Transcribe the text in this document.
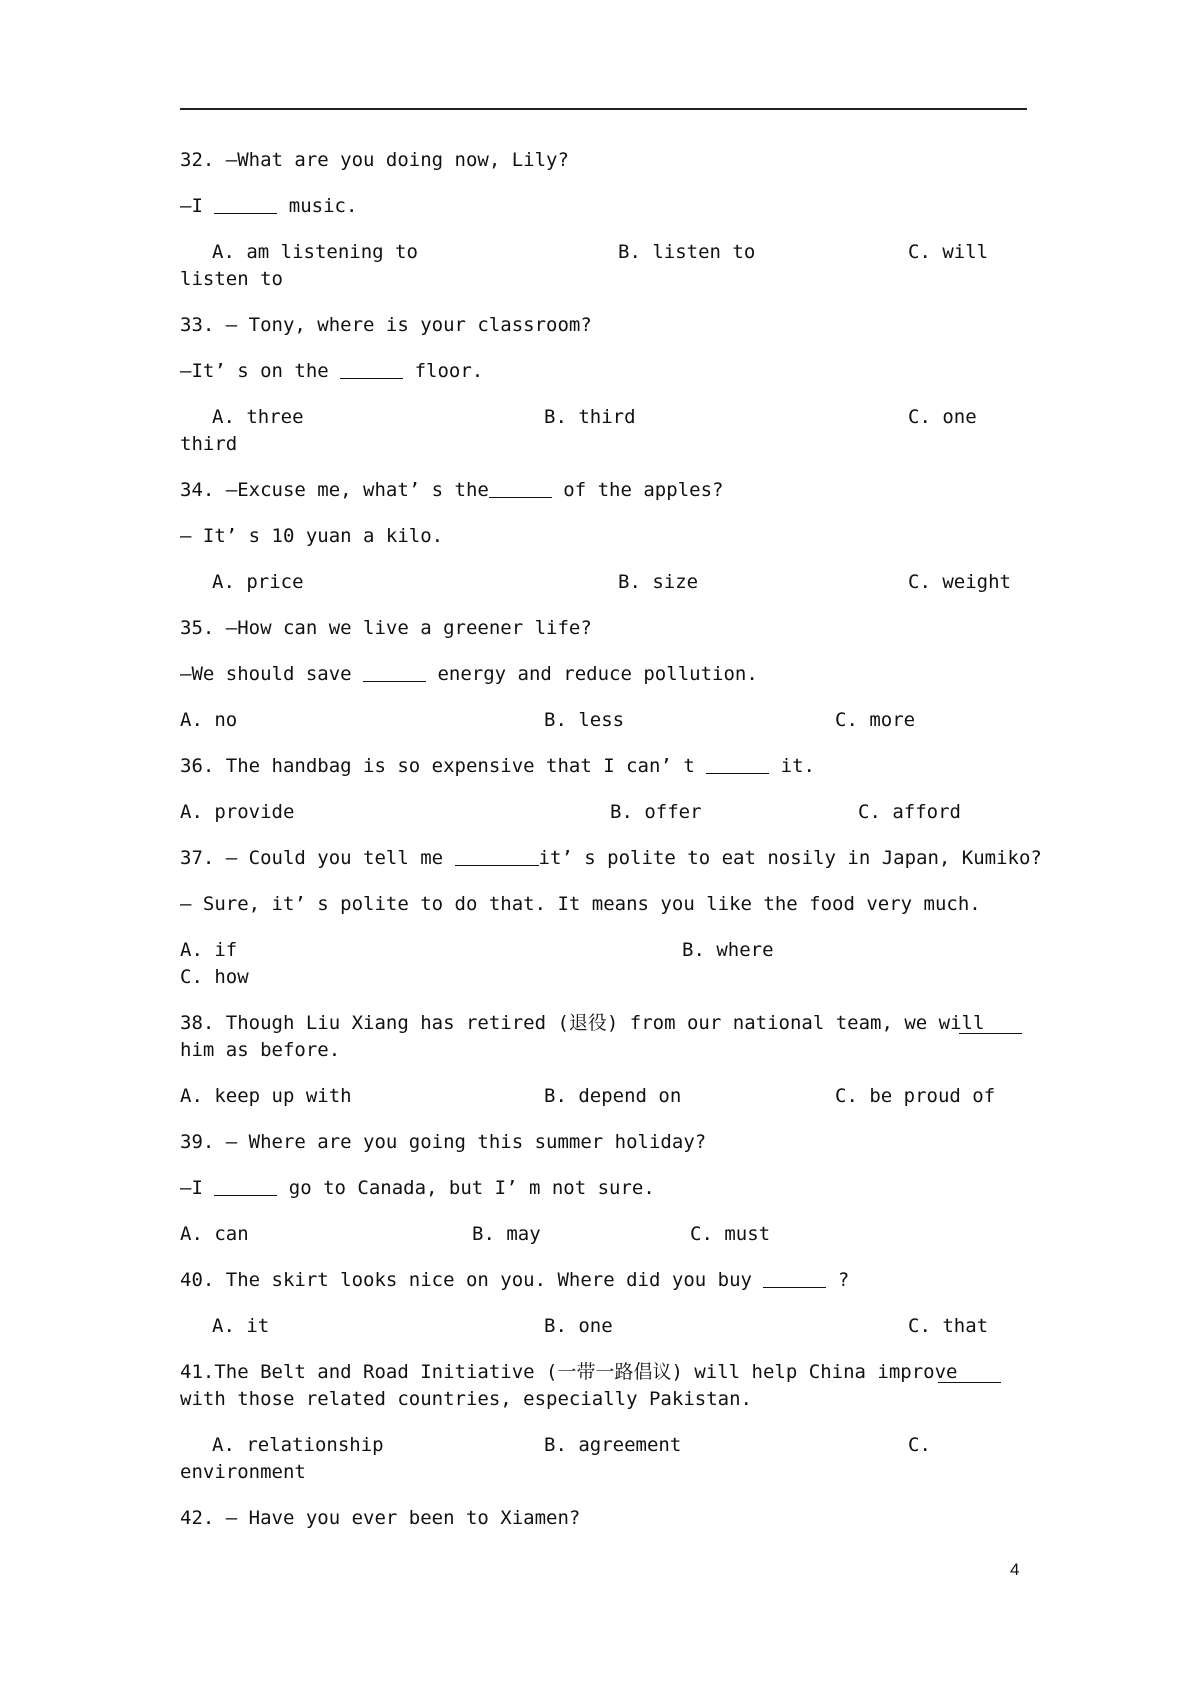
32. —What are you doing now, Lily?
—I	music.
A. am listening to	B. listen to	C. will
listen to
33. — Tony, where is your classroom?
—It’ s on the	floor.
A. three	B. third	C. one
third
34. —Excuse me, what’ s the	of the apples?
— It’ s 10 yuan a kilo.
A. price	B. size	C. weight
35. —How can we live a greener life?
—We should save	energy and reduce pollution.
A. no	B. less	C. more
36. The handbag is so expensive that I can’ t	it.
A. provide	B. offer	C. afford
37. — Could you tell me	it’ s polite to eat nosily in Japan, Kumiko?
— Sure, it’ s polite to do that. It means you like the food very much.
A. if	B. where
C. how
38. Though Liu Xiang has retired (退役) from our national team, we will
him as before.
A. keep up with	B. depend on	C. be proud of
39. — Where are you going this summer holiday?
—I	go to Canada, but I’ m not sure.
A. can	B. may	C. must
40. The skirt looks nice on you. Where did you buy	?
A. it	B. one	C. that
41.The Belt and Road Initiative (一带一路倡议) will help China improve
with those related countries, especially Pakistan.
A. relationship	B. agreement	C.
environment
42. — Have you ever been to Xiamen?
4
